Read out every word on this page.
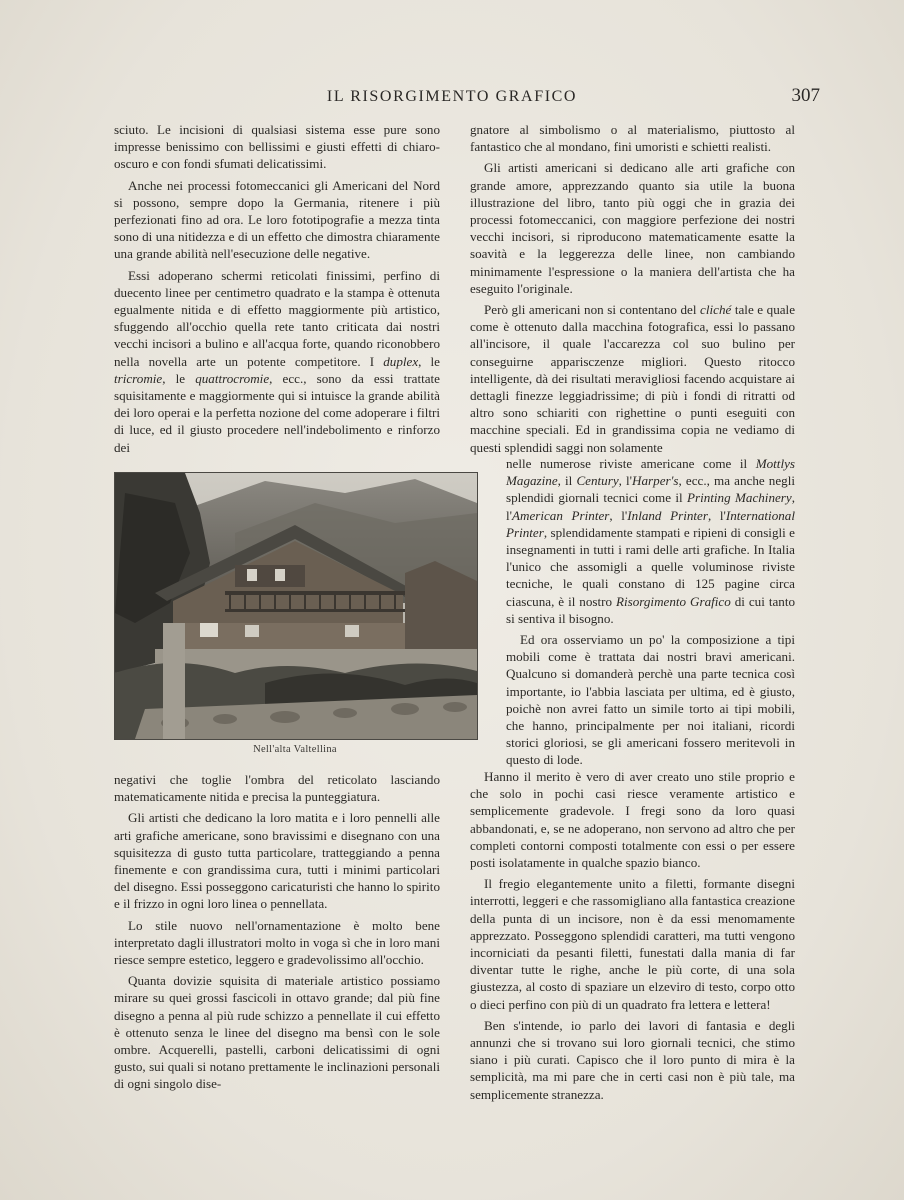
IL RISORGIMENTO GRAFICO	307

sciuto. Le incisioni di qualsiasi sistema esse pure sono impresse benissimo con bellissimi e giusti effetti di chiaro-oscuro e con fondi sfumati delicatissimi.

Anche nei processi fotomeccanici gli Americani del Nord si possono, sempre dopo la Germania, ritenere i più perfezionati fino ad ora. Le loro fototipografie a mezza tinta sono di una nitidezza e di un effetto che dimostra chiaramente una grande abilità nell'esecuzione delle negative.

Essi adoperano schermi reticolati finissimi, perfino di duecento linee per centimetro quadrato e la stampa è ottenuta egualmente nitida e di effetto maggiormente più artistico, sfuggendo all'occhio quella rete tanto criticata dai nostri vecchi incisori a bulino e all'acqua forte, quando riconobbero nella novella arte un potente competitore. I duplex, le tricromie, le quattrocromie, ecc., sono da essi trattate squisitamente e maggiormente qui si intuisce la grande abilità dei loro operai e la perfetta nozione del come adoperare i filtri di luce, ed il giusto procedere nell'indebolimento e rinforzo dei

Nell'alta Valtellina

negativi che toglie l'ombra del reticolato lasciando matematicamente nitida e precisa la punteggiatura.

Gli artisti che dedicano la loro matita e i loro pennelli alle arti grafiche americane, sono bravissimi e disegnano con una squisitezza di gusto tutta particolare, tratteggiando a penna finemente e con grandissima cura, tutti i minimi particolari del disegno. Essi posseggono caricaturisti che hanno lo spirito e il frizzo in ogni loro linea o pennellata.

Lo stile nuovo nell'ornamentazione è molto bene interpretato dagli illustratori molto in voga sì che in loro mani riesce sempre estetico, leggero e gradevolissimo all'occhio.

Quanta dovizie squisita di materiale artistico possiamo mirare su quei grossi fascicoli in ottavo grande; dal più fine disegno a penna al più rude schizzo a pennellate il cui effetto è ottenuto senza le linee del disegno ma bensì con le sole ombre. Acquerelli, pastelli, carboni delicatissimi di ogni gusto, sui quali si notano prettamente le inclinazioni personali di ogni singolo dise-

gnatore al simbolismo o al materialismo, piuttosto al fantastico che al mondano, fini umoristi e schietti realisti.

Gli artisti americani si dedicano alle arti grafiche con grande amore, apprezzando quanto sia utile la buona illustrazione del libro, tanto più oggi che in grazia dei processi fotomeccanici, con maggiore perfezione dei nostri vecchi incisori, si riproducono matematicamente esatte la soavità e la leggerezza delle linee, non cambiando minimamente l'espressione o la maniera dell'artista che ha eseguito l'originale.

Però gli americani non si contentano del cliché tale e quale come è ottenuto dalla macchina fotografica, essi lo passano all'incisore, il quale l'accarezza col suo bulino per conseguirne apparisczenze migliori. Questo ritocco intelligente, dà dei risultati meravigliosi facendo acquistare ai dettagli finezze leggiadrissime; di più i fondi di ritratti od altro sono schiariti con righettine o punti eseguiti con macchine speciali. Ed in grandissima copia ne vediamo di questi splendidi saggi non solamente

nelle numerose riviste americane come il Mottlys Magazine, il Century, l'Harper's, ecc., ma anche negli splendidi giornali tecnici come il Printing Machinery, l'American Printer, l'Inland Printer, l'International Printer, splendidamente stampati e ripieni di consigli e insegnamenti in tutti i rami delle arti grafiche. In Italia l'unico che assomigli a quelle voluminose riviste tecniche, le quali constano di 125 pagine circa ciascuna, è il nostro Risorgimento Grafico di cui tanto si sentiva il bisogno.

Ed ora osserviamo un po' la composizione a tipi mobili come è trattata dai nostri bravi americani. Qualcuno si domanderà perchè una parte tecnica così importante, io l'abbia lasciata per ultima, ed è giusto, poichè non avrei fatto un simile torto ai tipi mobili, che hanno, principalmente per noi italiani, ricordi storici gloriosi, se gli americani fossero meritevoli in questo di lode.

Hanno il merito è vero di aver creato uno stile proprio e che solo in pochi casi riesce veramente artistico e semplicemente gradevole. I fregi sono da loro quasi abbandonati, e, se ne adoperano, non servono ad altro che per completi contorni composti totalmente con essi o per essere posti isolatamente in qualche spazio bianco.

Il fregio elegantemente unito a filetti, formante disegni interrotti, leggeri e che rassomigliano alla fantastica creazione della punta di un incisore, non è da essi menomamente apprezzato. Posseggono splendidi caratteri, ma tutti vengono incorniciati da pesanti filetti, funestati dalla mania di far diventar tutte le righe, anche le più corte, di una sola giustezza, al costo di spaziare un elzeviro di testo, corpo otto o dieci perfino con più di un quadrato fra lettera e lettera!

Ben s'intende, io parlo dei lavori di fantasia e degli annunzi che si trovano sui loro giornali tecnici, che stimo siano i più curati. Capisco che il loro punto di mira è la semplicità, ma mi pare che in certi casi non è più tale, ma semplicemente stranezza.
